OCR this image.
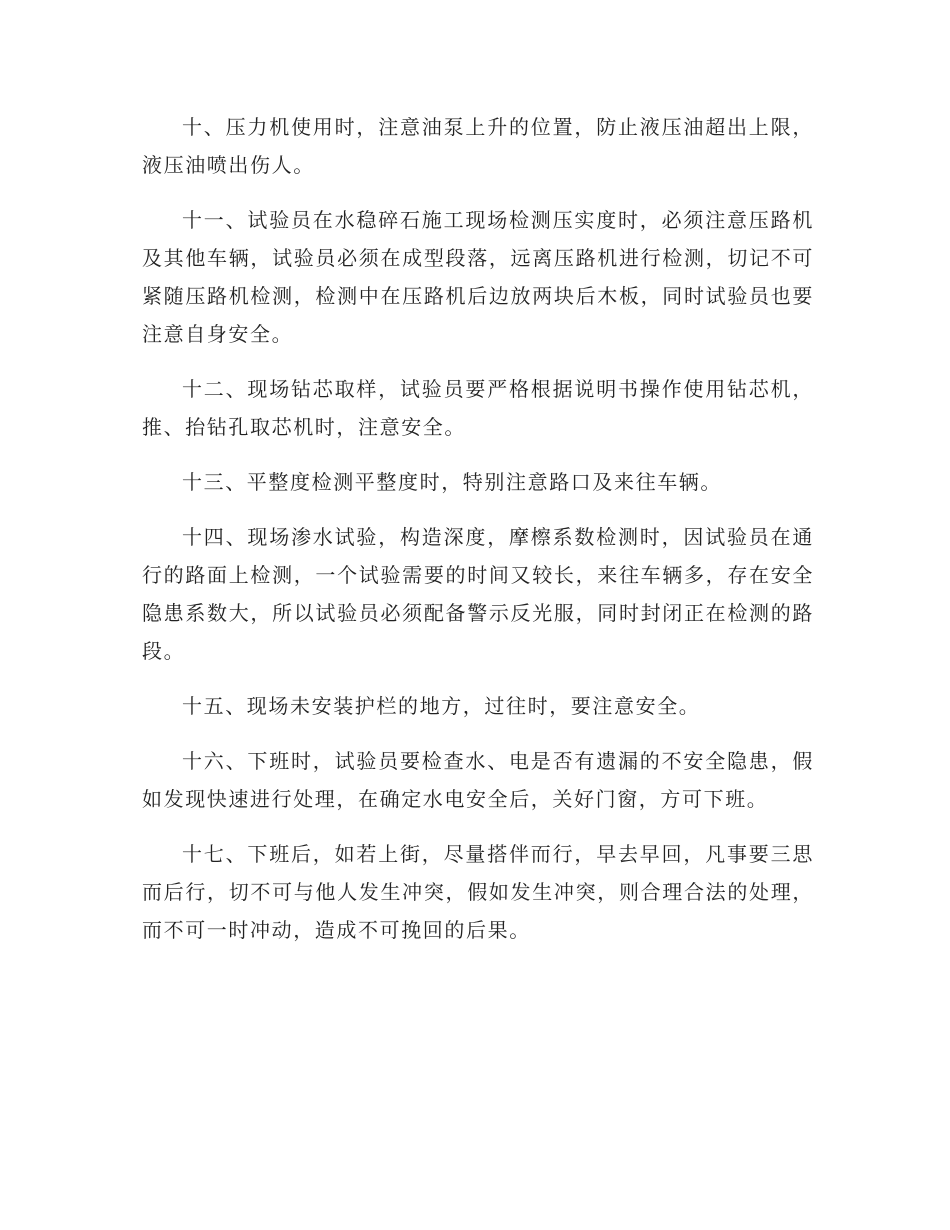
十、压力机使用时，注意油泵上升的位置，防止液压油超出上限，液压油喷出伤人。

十一、试验员在水稳碎石施工现场检测压实度时，必须注意压路机及其他车辆，试验员必须在成型段落，远离压路机进行检测，切记不可紧随压路机检测，检测中在压路机后边放两块后木板，同时试验员也要注意自身安全。

十二、现场钻芯取样，试验员要严格根据说明书操作使用钻芯机，推、抬钻孔取芯机时，注意安全。

十三、平整度检测平整度时，特别注意路口及来往车辆。

十四、现场渗水试验，构造深度，摩檫系数检测时，因试验员在通行的路面上检测，一个试验需要的时间又较长，来往车辆多，存在安全隐患系数大，所以试验员必须配备警示反光服，同时封闭正在检测的路段。

十五、现场未安装护栏的地方，过往时，要注意安全。

十六、下班时，试验员要检查水、电是否有遗漏的不安全隐患，假如发现快速进行处理，在确定水电安全后，关好门窗，方可下班。

十七、下班后，如若上街，尽量搭伴而行，早去早回，凡事要三思而后行，切不可与他人发生冲突，假如发生冲突，则合理合法的处理，而不可一时冲动，造成不可挽回的后果。
